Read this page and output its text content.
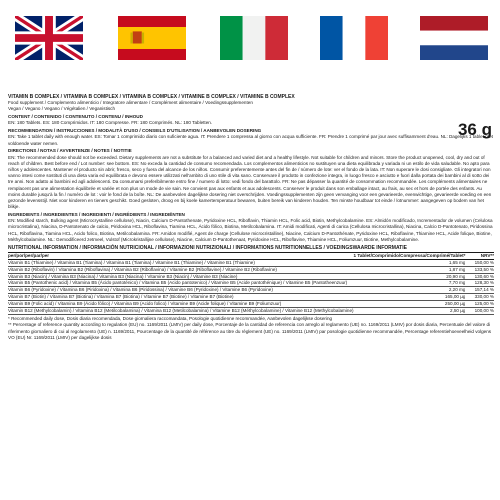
36 g

VITAMIN B COMPLEX / VITAMINA B COMPLEX / VITAMINA B COMPLEX / VITAMINE B COMPLEX / VITAMINE B COMPLEX

Food supplement / Complemento alimenticio / Integratore alimentare / Complément alimentaire / Voedingssupplementen

Vegan / Vegano / Vegano / Végétalien / Veganistisch

CONTENT / CONTENIDO / CONTENUTO / CONTENU / INHOUD

EN: 180 Tablets. ES: 180 Comprimidos. IT: 180 Compresse. FR: 180 Comprimés. NL: 180 Tabletten.

RECOMMENDATION / INSTRUCCIONES / MODALITÀ D'USO / CONSEILS D'UTILISATION / AANBEVOLEN DOSERING

EN: Take 1 tablet daily with enough water. ES: Tomar 1 comprimido diario con suficiente agua. IT: Prendere 1 compressa al giorno con acqua sufficiente. FR: Prendre 1 comprimé par jour avec suffisamment d'eau. NL: Dagelijks 1 tablet met voldoende water nemen.

DIRECTIONS / NOTAS / AVVERTENZE / NOTES / NOTITIE

EN: The recommended dose should not be exceeded. Dietary supplements are not a substitute for a balanced and varied diet and a healthy lifestyle. Not suitable for children and minors. Store the product unopened, cool, dry and out of reach of children. Best before end / Lot number: see bottom. ES: No exceda la cantidad de consumo recomendada. Los complementos alimenticios no sustituyen una dieta equilibrada y variada ni un estilo de vida saludable. No apto para niños y adolescentes. Mantener el producto sin abrir, fresco, seco y fuera del alcance de los niños. Consumir preferentemente antes del fin de / número de lote: ver el fondo de la lata. IT: Non superare le dosi consigliate. Gli integratori non vanno intesi come sostituti di una dieta varia ed equilibrata e devono essere utilizzati nell'ambito di uno stile di vita sano. Conservare il prodotto in confezione integra, in luogo fresco e asciutto e fuori dalla portata dei bambini al di sotto dei tre anni. Non adatto ai bambini ed agli adolescenti. Da consumarsi preferibilmente entro fine / numero di lotto: vedi fondo del barattolo. FR: Ne pas dépasser la quantité de consommation recommandée. Les compléments alimentaires ne remplacent pas une alimentation équilibrée et variée et non plus un mode de vie sain. Ne convient pas aux enfants et aux adolescents. Conserver le produit dans son emballage intact, au frais, au sec et hors de portée des enfants. Au moins durable jusqu'à la fin / numéro de lot : voir le fond de la boîte. NL: De aanbevolen dagelijkse dosering niet overschrijden. Voedingssupplementen zijn geen vervanging voor een gevarieerde, evenwichtige, gevarieerde voeding en een gezonde levensstijl. Niet voor kinderen en tieners geschikt. Goed gesloten, droog en bij koele kamertemperatuur bewaren, buiten bereik van kinderen houden. Ten minste houdbaar tot einde / lotnummer: aangegeven op bodem van het blikje.

INGREDIENTS / INGREDIENTES / INGREDIENTI / INGRÉDIENTS / INGREDIËNTEN

EN: Modified starch, Bulking agent (Microcrystalline cellulose), Niacin, Calcium D-Pantothenate, Pyridoxine HCL, Riboflavin, Thiamin HCL, Folic acid, Biotin, Methylcobalamine. ES: Almidón modificado, Incrementador de volumen (Celulosa microcristalina), Niacina, D-Pantotenato de calcio, Piridoxina HCL, Riboflavina, Tiamina HCL, Ácido fólico, Biotina, Metilcobalamina. IT: Amidi modificati, Agenti di carica (Cellulosa microcristallina), Niacina, Calcio D-Pantotenato, Piridossina HCL, Riboflavina, Tiamina HCL, Acido folico, Biotina, Metilcobalamina. FR: Amidon modifié, Agent de charge (Cellulose microcristalline), Niacine, Calcium D-Pantothénate, Pyridoxine HCL, Riboflavine, Thiamine HCL, Acide folique, Biotine, Méthylcobalamine. NL: Gemodificeerd zetmeel, Vulstof (Microkristallijne cellulose), Niacine, Calcium D-Pantothenaat, Pyridoxine HCL, Riboflavine, Thiamine HCL, Foliumzuur, Biotine, Methylcobalamine.

NUTRITIONAL INFORMATION / INFORMACIÓN NUTRICIONAL / INFORMAZIONI NUTRIZIONALI / INFORMATIONS NUTRITIONNELLES / VOEDINGSWAARDE INFORMATIE

per/por/per/par/per	1 Tablet/Comprimido/Compressa/Comprimé/Tablet*	NRV**
Vitamin B1 (Thiamine) / Vitamina B1 (Tiamina) / Vitamina B1 (Tiamina) / Vitamine B1 (Thiamine) / Vitamine B1 (Thiamine)	1,65 mg	150,00 %
Vitamin B2 (Riboflavin) / Vitamina B2 (Riboflavina) / Vitamina B2 (Riboflavina) / Vitamine B2 (Riboflavine) / Vitamine B2 (Riboflavine)	1,87 mg	133,50 %
Vitamin B3 (Niacin) / Vitamina B3 (Niacina) / Vitamina B3 (Niacina) / Vitamine B3 (Niacin) / Vitamine B3 (Niacine)	20,90 mg	130,60 %
Vitamin B5 (Pantothenic acid) / Vitamina B5 (Ácido pantoténico) / Vitamina B5 (Acido pantotenico) / Vitamine B5 (Acide pantothénique) / Vitamine B5 (Pantotheenzuur)	7,70 mg	128,30 %
Vitamin B6 (Pyridoxine) / Vitamina B6 (Piridoxina) / Vitamina B6 (Piridossina) / Vitamine B6 (Pyridoxine) / Vitamine B6 (Pyridoxine)	2,20 mg	157,14 %
Vitamin B7 (Biotin) / Vitamina B7 (Biotina) / Vitamina B7 (Biotina) / Vitamine B7 (Biotine) / Vitamine B7 (Biotine)	165,00 µg	330,00 %
Vitamin B9 (Folic acid) / Vitamina B9 (Ácido fólico) / Vitamina B9 (Acido folico) / Vitamine B9 (Acide folique) / Vitamine B9 (Foliumzuur)	250,00 µg	125,00 %
Vitamin B12 (Methylcobalamin) / Vitamina B12 (Metilcobalamina) / Vitamina B12 (Metilcobalamina) / Vitamine B12 (Méthylcobalamine) / Vitamine B12 (Methylcobalamine)	2,50 µg	100,00 %

* Recommended daily dose, Dosis diaria recomendada, Dose giornaliera raccomandata, Posologie quotidienne recommandée, Aanbevolen dagelijkse dosering

** Percentage of reference quantity according to regulation (EU) no. 1169/2011 (LMIV) per daily dose, Porcentaje de la cantidad de referencia con arreglo al reglamento (UE) no. 1169/2011 (LMIV) por dosis diaria, Percentuale del valore di riferimento giornaliero di cui al regolamento (UE) n. 1169/2011, Pourcentage de la quantité de référence au titre du règlement (UE) no. 1169/2011 (LMIV) par posologie quotidienne recommandée, Percentage referentiehoeveelheid volgens VO (EU) Nr. 1169/2011 (LMIV) per dagelijkse dosis
